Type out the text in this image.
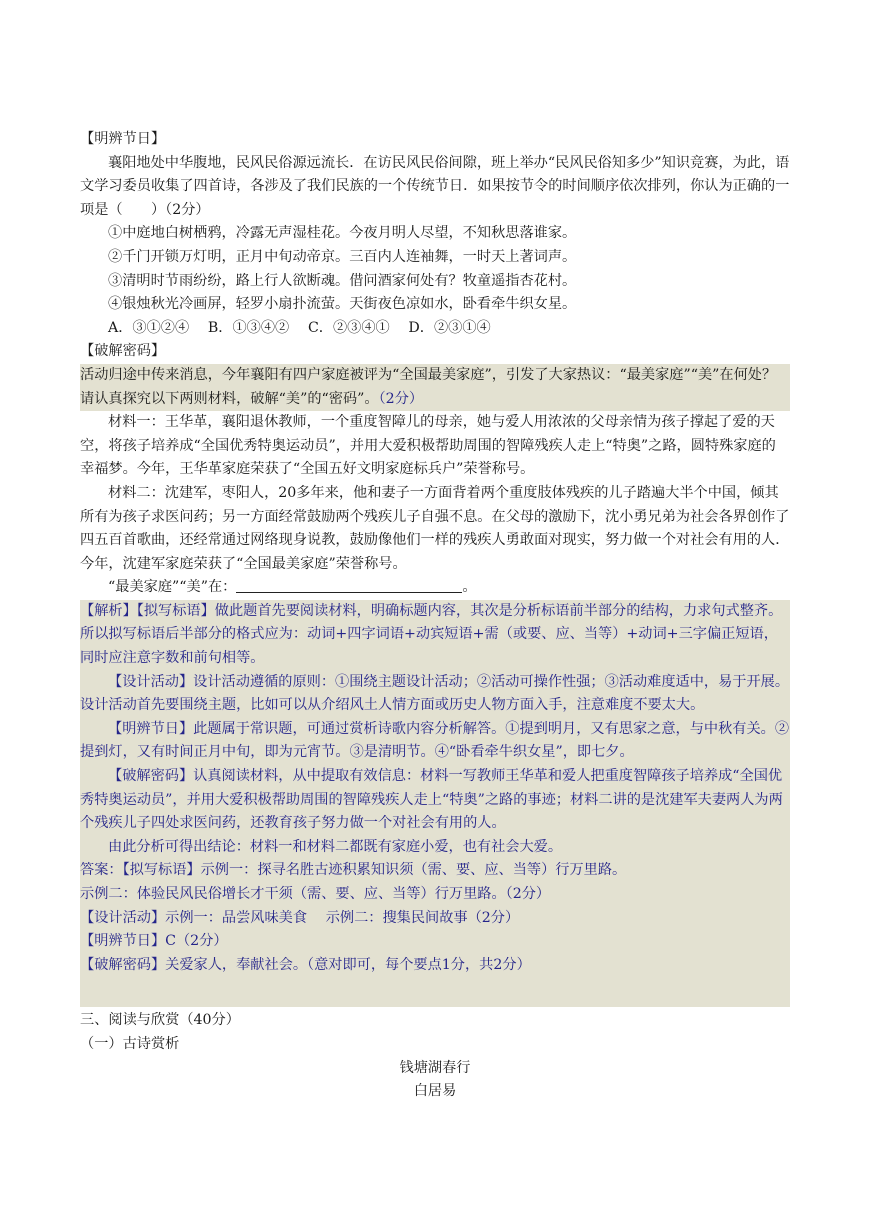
【明辨节日】

襄阳地处中华腹地，民风民俗源远流长．在访民风民俗间隙，班上举办“民风民俗知多少”知识竞赛，为此，语文学习委员收集了四首诗，各涉及了我们民族的一个传统节日．如果按节令的时间顺序依次排列，你认为正确的一项是（　　）（2分）

①中庭地白树栖鸦，冷露无声湿桂花。今夜月明人尽望，不知秋思落谁家。
②千门开锁万灯明，正月中旬动帝京。三百内人连袖舞，一时天上著词声。
③清明时节雨纷纷，路上行人欲断魂。借问酒家何处有？牧童遥指杏花村。
④银烛秋光冷画屏，轻罗小扇扑流萤。天街夜色凉如水，卧看牵牛织女星。
A．③①②④　 B．①③④②　 C．②③④①　 D．②③①④
【破解密码】

活动归途中传来消息，今年襄阳有四户家庭被评为“全国最美家庭”，引发了大家热议：“最美家庭”“美”在何处？请认真探究以下两则材料，破解“美”的“密码”。（2分）

材料一：王华革，襄阳退休教师，一个重度智障儿的母亲，她与爱人用浓浓的父母亲情为孩子撑起了爱的天空，将孩子培养成“全国优秀特奥运动员”，并用大爱积极帮助周围的智障残疾人走上“特奥”之路，圆特殊家庭的幸福梦。今年，王华革家庭荣获了“全国五好文明家庭标兵户”荣誉称号。

材料二：沈建军，枣阳人，20多年来，他和妻子一方面背着两个重度肢体残疾的儿子踏遍大半个中国，倾其所有为孩子求医问药；另一方面经常鼓励两个残疾儿子自强不息。在父母的激励下，沈小勇兄弟为社会各界创作了四五百首歌曲，还经常通过网络现身说教，鼓励像他们一样的残疾人勇敢面对现实，努力做一个对社会有用的人．今年，沈建军家庭荣获了“全国最美家庭”荣誉称号。

“最美家庭”“美”在：	。

【解析】【拟写标语】做此题首先要阅读材料，明确标题内容，其次是分析标语前半部分的结构，力求句式整齐。所以拟写标语后半部分的格式应为：动词+四字词语+动宾短语+需（或要、应、当等）+动词+三字偏正短语，同时应注意字数和前句相等。

【设计活动】设计活动遵循的原则：①围绕主题设计活动；②活动可操作性强；③活动难度适中，易于开展。设计活动首先要围绕主题，比如可以从介绍风土人情方面或历史人物方面入手，注意难度不要太大。

【明辨节日】此题属于常识题，可通过赏析诗歌内容分析解答。①提到明月，又有思家之意，与中秋有关。②提到灯，又有时间正月中旬，即为元宵节。③是清明节。④“卧看牵牛织女星”，即七夕。

【破解密码】认真阅读材料，从中提取有效信息：材料一写教师王华革和爱人把重度智障孩子培养成“全国优秀特奥运动员”，并用大爱积极帮助周围的智障残疾人走上“特奥”之路的事迹；材料二讲的是沈建军夫妻两人为两个残疾儿子四处求医问药，还教育孩子努力做一个对社会有用的人。

由此分析可得出结论：材料一和材料二都既有家庭小爱，也有社会大爱。

答案：【拟写标语】示例一：探寻名胜古迹积累知识须（需、要、应、当等）行万里路。
示例二：体验民风民俗增长才干须（需、要、应、当等）行万里路。（2分）
【设计活动】示例一：品尝风味美食　 示例二：搜集民间故事（2分）
【明辨节日】C（2分）
【破解密码】关爱家人，奉献社会。（意对即可，每个要点1分，共2分）
三、阅读与欣赏（40分）
（一）古诗赏析
钱塘湖春行
白居易
